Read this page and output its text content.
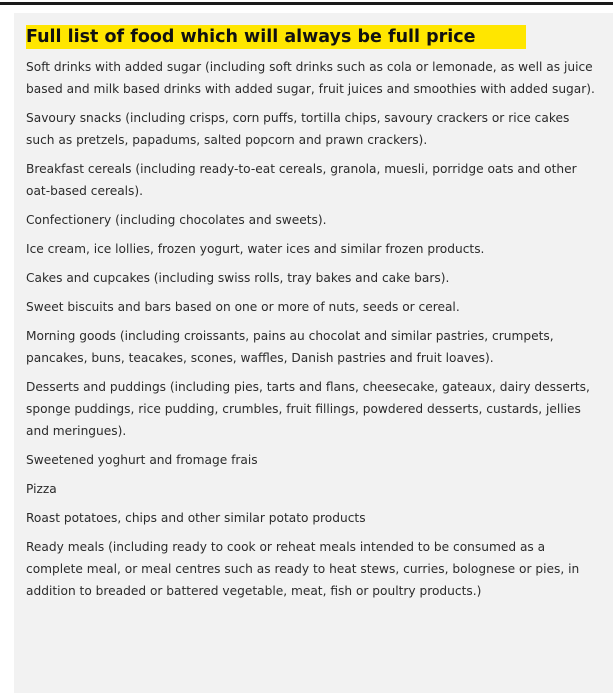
Full list of food which will always be full price
Soft drinks with added sugar (including soft drinks such as cola or lemonade, as well as juice based and milk based drinks with added sugar, fruit juices and smoothies with added sugar).
Savoury snacks (including crisps, corn puffs, tortilla chips, savoury crackers or rice cakes such as pretzels, papadums, salted popcorn and prawn crackers).
Breakfast cereals (including ready-to-eat cereals, granola, muesli, porridge oats and other oat-based cereals).
Confectionery (including chocolates and sweets).
Ice cream, ice lollies, frozen yogurt, water ices and similar frozen products.
Cakes and cupcakes (including swiss rolls, tray bakes and cake bars).
Sweet biscuits and bars based on one or more of nuts, seeds or cereal.
Morning goods (including croissants, pains au chocolat and similar pastries, crumpets, pancakes, buns, teacakes, scones, waffles, Danish pastries and fruit loaves).
Desserts and puddings (including pies, tarts and flans, cheesecake, gateaux, dairy desserts, sponge puddings, rice pudding, crumbles, fruit fillings, powdered desserts, custards, jellies and meringues).
Sweetened yoghurt and fromage frais
Pizza
Roast potatoes, chips and other similar potato products
Ready meals (including ready to cook or reheat meals intended to be consumed as a complete meal, or meal centres such as ready to heat stews, curries, bolognese or pies, in addition to breaded or battered vegetable, meat, fish or poultry products.)
